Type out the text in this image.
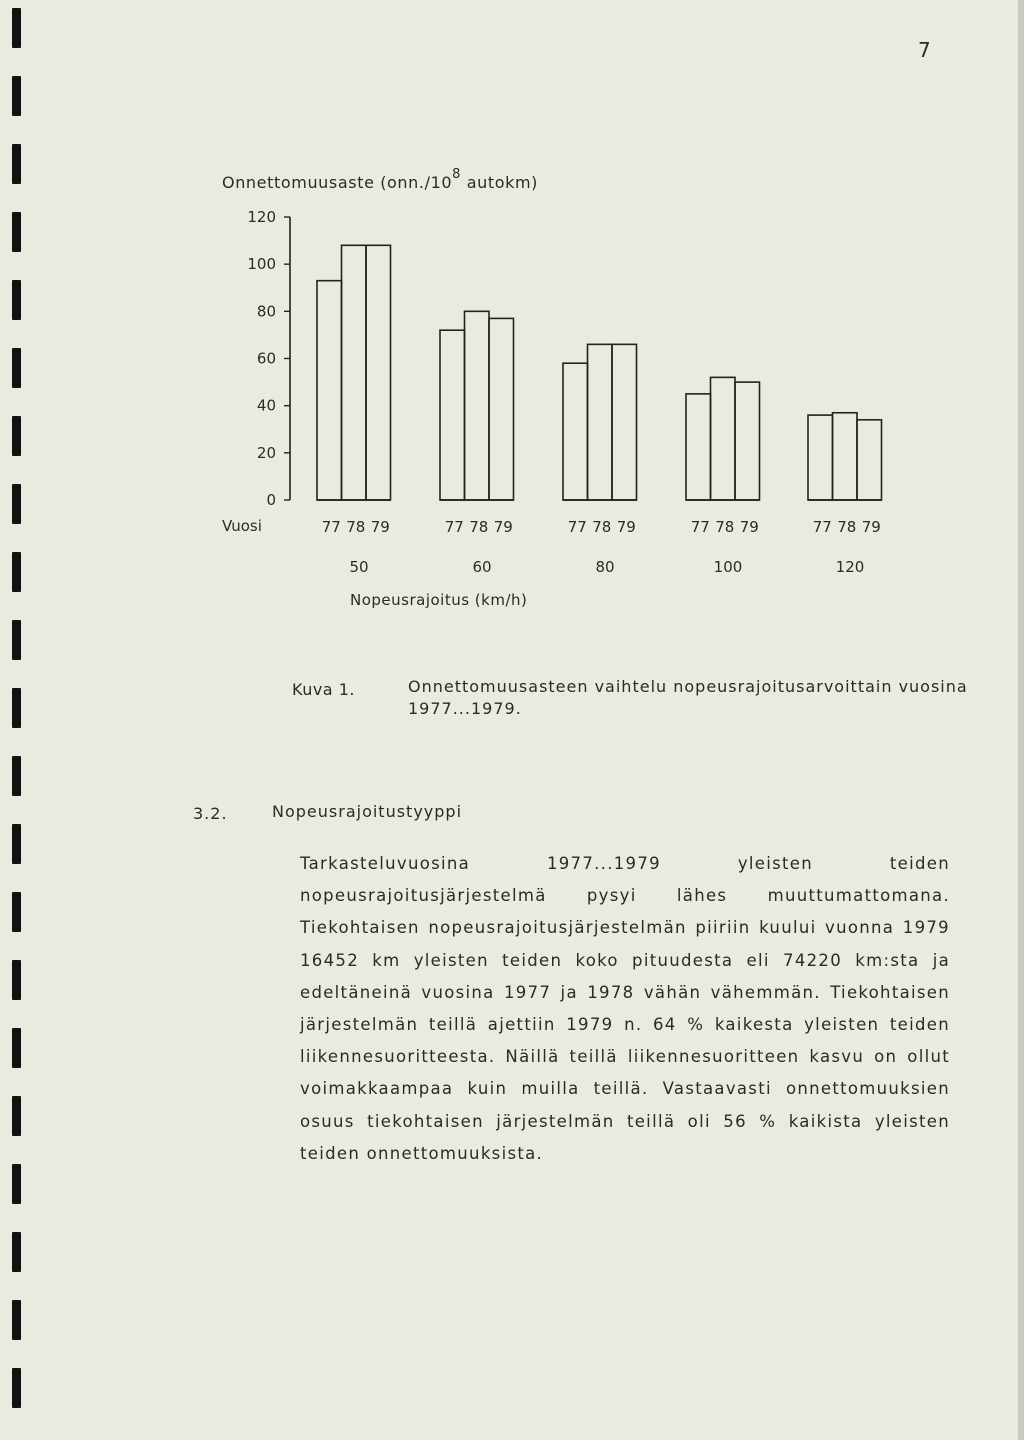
7
Onnettomuusaste ($onn./10^8$ autokm)
120
100
80
60
40
20
0
77 78 79
50
77 78 79
60
77 78 79
80
77 78 79
100
77 78 79
120
Vuosi
Nopeusrajoitus (km/h)
Kuva 1.	Onnettomuusasteen vaihtelu nopeusrajoitusarvoittain vuosina 1977...1979.
3.2.	Nopeusrajoitustyyppi

Tarkasteluvuosina 1977...1979 yleisten teiden nopeusrajoitusjärjestelmä pysyi lähes muuttumattomana. Tiekohtaisen nopeusrajoitusjärjestelmän piiriin kuului vuonna 1979 16452 km yleisten teiden koko pituudesta eli 74220 km:sta ja edeltäneinä vuosina 1977 ja 1978 vähän vähemmän. Tiekohtaisen järjestelmän teillä ajettiin 1979 n. 64 % kaikesta yleisten teiden liikennesuoritteesta. Näillä teillä liikennesuoritteen kasvu on ollut voimakkaampaa kuin muilla teillä. Vastaavasti onnettomuuksien osuus tiekohtaisen järjestelmän teillä oli 56 % kaikista yleisten teiden onnettomuuksista.
